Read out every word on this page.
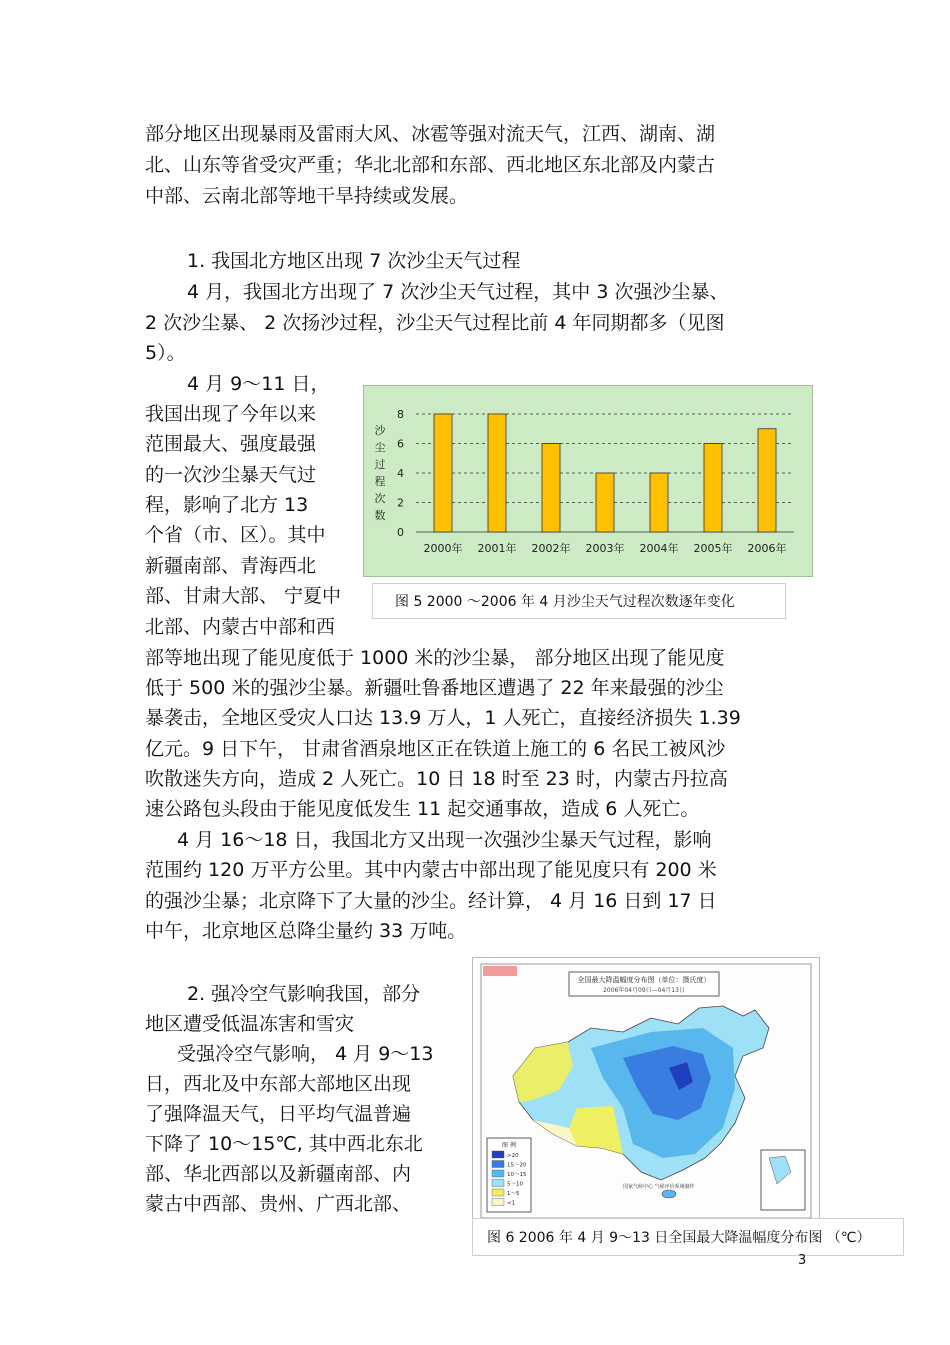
部分地区出现暴雨及雷雨大风、冰雹等强对流天气，江西、湖南、湖
北、山东等省受灾严重；华北北部和东部、西北地区东北部及内蒙古
中部、云南北部等地干旱持续或发展。
1. 我国北方地区出现 7 次沙尘天气过程
4 月，我国北方出现了 7 次沙尘天气过程，其中 3 次强沙尘暴、
2 次沙尘暴、 2 次扬沙过程，沙尘天气过程比前 4 年同期都多（见图
5）。
4 月 9～11 日，
我国出现了今年以来
范围最大、强度最强
的一次沙尘暴天气过
程，影响了北方 13
个省（市、区）。其中
新疆南部、青海西北
部、甘肃大部、 宁夏中
北部、内蒙古中部和西
部等地出现了能见度低于 1000 米的沙尘暴， 部分地区出现了能见度
低于 500 米的强沙尘暴。新疆吐鲁番地区遭遇了 22 年来最强的沙尘
暴袭击，全地区受灾人口达 13.9 万人，1 人死亡，直接经济损失 1.39
亿元。9 日下午， 甘肃省酒泉地区正在铁道上施工的 6 名民工被风沙
吹散迷失方向，造成 2 人死亡。10 日 18 时至 23 时，内蒙古丹拉高
速公路包头段由于能见度低发生 11 起交通事故，造成 6 人死亡。
4 月 16～18 日，我国北方又出现一次强沙尘暴天气过程，影响
范围约 120 万平方公里。其中内蒙古中部出现了能见度只有 200 米
的强沙尘暴；北京降下了大量的沙尘。经计算， 4 月 16 日到 17 日
中午，北京地区总降尘量约 33 万吨。
2. 强冷空气影响我国，部分
地区遭受低温冻害和雪灾
受强冷空气影响， 4 月 9～13
日，西北及中东部大部地区出现
了强降温天气，日平均气温普遍
下降了 10～15℃, 其中西北东北
部、华北西部以及新疆南部、内
蒙古中西部、贵州、广西北部、
2000年 2001年 2002年 2003年 2004年 2005年 2006年
0
2
4
6
8
沙
尘
过
程
次
数
图 5 2000 ～2006 年 4 月沙尘天气过程次数逐年变化
全国最大降温幅度分布图（单位：摄氏度）
2006年04月09日—04月13日
图 例
>20
15～20
10～15
5～10
1～5
<1
国家气候中心 气候评价系统制作
图 6 2006 年 4 月 9～13 日全国最大降温幅度分布图 （℃）
3
